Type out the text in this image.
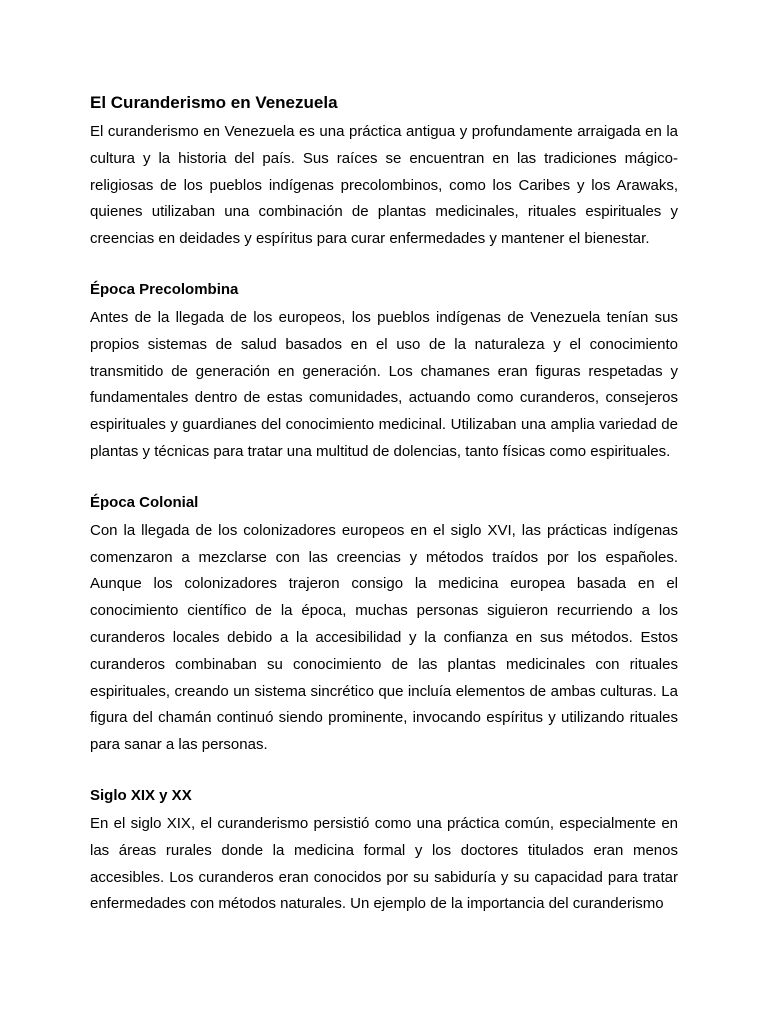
El Curanderismo en Venezuela

El curanderismo en Venezuela es una práctica antigua y profundamente arraigada en la cultura y la historia del país. Sus raíces se encuentran en las tradiciones mágico-religiosas de los pueblos indígenas precolombinos, como los Caribes y los Arawaks, quienes utilizaban una combinación de plantas medicinales, rituales espirituales y creencias en deidades y espíritus para curar enfermedades y mantener el bienestar.

Época Precolombina

Antes de la llegada de los europeos, los pueblos indígenas de Venezuela tenían sus propios sistemas de salud basados en el uso de la naturaleza y el conocimiento transmitido de generación en generación. Los chamanes eran figuras respetadas y fundamentales dentro de estas comunidades, actuando como curanderos, consejeros espirituales y guardianes del conocimiento medicinal. Utilizaban una amplia variedad de plantas y técnicas para tratar una multitud de dolencias, tanto físicas como espirituales.

Época Colonial

Con la llegada de los colonizadores europeos en el siglo XVI, las prácticas indígenas comenzaron a mezclarse con las creencias y métodos traídos por los españoles. Aunque los colonizadores trajeron consigo la medicina europea basada en el conocimiento científico de la época, muchas personas siguieron recurriendo a los curanderos locales debido a la accesibilidad y la confianza en sus métodos. Estos curanderos combinaban su conocimiento de las plantas medicinales con rituales espirituales, creando un sistema sincrético que incluía elementos de ambas culturas. La figura del chamán continuó siendo prominente, invocando espíritus y utilizando rituales para sanar a las personas.

Siglo XIX y XX

En el siglo XIX, el curanderismo persistió como una práctica común, especialmente en las áreas rurales donde la medicina formal y los doctores titulados eran menos accesibles. Los curanderos eran conocidos por su sabiduría y su capacidad para tratar enfermedades con métodos naturales. Un ejemplo de la importancia del curanderismo
